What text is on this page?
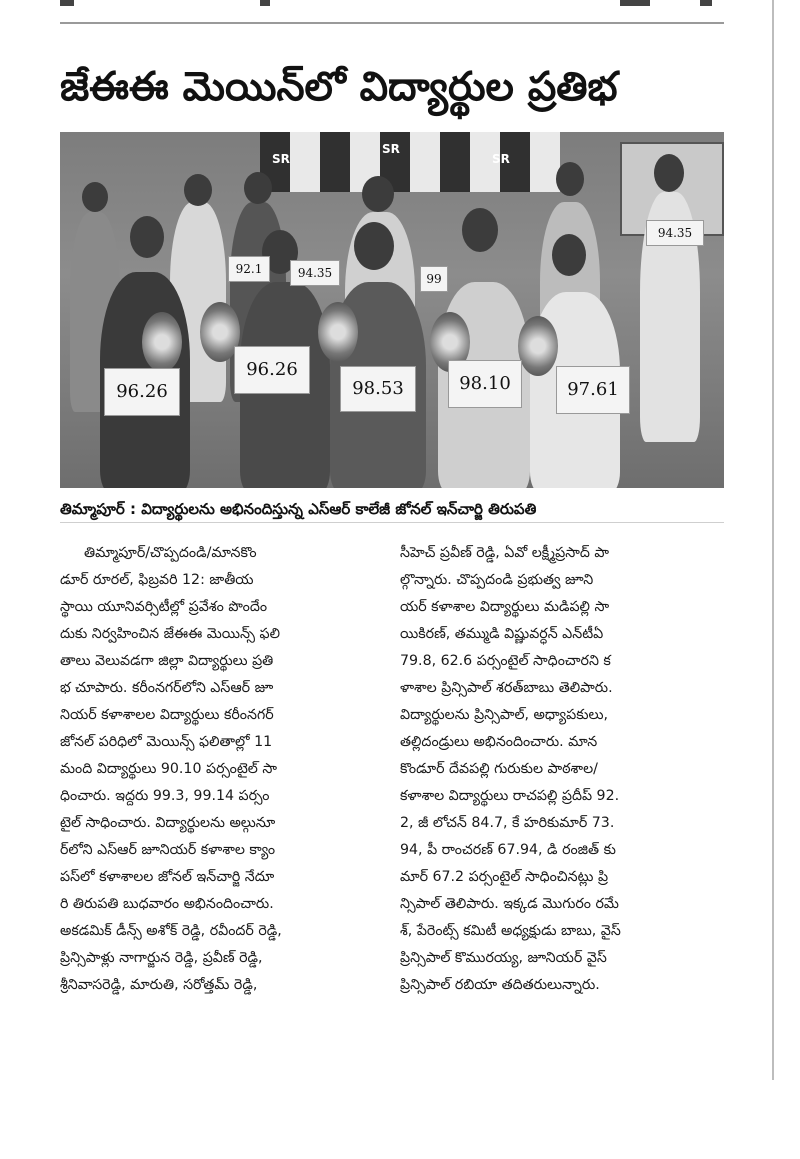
జేఈఈ మెయిన్‌లో విద్యార్థుల ప్రతిభ
SR
SR
SR
96.26
96.26
98.53	98.10	97.61
94.35
92.1	94.35	99
తిమ్మాపూర్‌ : విద్యార్థులను అభినందిస్తున్న ఎస్‌ఆర్‌ కాలేజీ జోనల్‌ ఇన్‌చార్జి తిరుపతి

తిమ్మాపూర్‌/చొప్పదండి/మానకొం

డూర్‌ రూరల్‌, ఫిబ్రవరి 12: జాతీయ

స్థాయి యూనివర్సిటీల్లో ప్రవేశం పొందేం

దుకు నిర్వహించిన జేఈఈ మెయిన్స్‌ ఫలి

తాలు వెలువడగా జిల్లా విద్యార్థులు ప్రతి

భ చూపారు. కరీంనగర్‌లోని ఎస్‌ఆర్‌ జూ

నియర్‌ కళాశాలల విద్యార్థులు కరీంనగర్‌

జోనల్‌ పరిధిలో మెయిన్స్‌ ఫలితాల్లో 11

మంది విద్యార్థులు 90.10 పర్సంటైల్‌ సా

ధించారు. ఇద్దరు 99.3, 99.14 పర్సం

టైల్‌ సాధించారు. విద్యార్థులను అల్గునూ

ర్‌లోని ఎస్‌ఆర్‌ జూనియర్‌ కళాశాల క్యాం

పస్‌లో కళాశాలల జోనల్‌ ఇన్‌చార్జి నేదూ

రి తిరుపతి బుధవారం అభినందించారు.

అకడమిక్‌ డీన్స్‌ అశోక్‌ రెడ్డి, రవీందర్‌ రెడ్డి,

ప్రిన్సిపాళ్లు నాగార్జున రెడ్డి, ప్రవీణ్‌ రెడ్డి,

శ్రీనివాసరెడ్డి, మారుతి, సరోత్తమ్‌ రెడ్డి,

సీహెచ్‌ ప్రవీణ్‌ రెడ్డి, ఏవో లక్ష్మీప్రసాద్‌ పా

ల్గొన్నారు. చొప్పదండి ప్రభుత్వ జూని

యర్‌ కళాశాల విద్యార్థులు మడిపల్లి సా

యికిరణ్‌, తమ్ముడి విష్ణువర్ధన్‌ ఎన్‌టీఏ

79.8, 62.6 పర్సంటైల్‌ సాధించారని క

ళాశాల ప్రిన్సిపాల్‌ శరత్‌బాబు తెలిపారు.

విద్యార్థులను ప్రిన్సిపాల్‌, అధ్యాపకులు,

తల్లిదండ్రులు అభినందించారు. మాన

కొండూర్‌ దేవపల్లి గురుకుల పాఠశాల/

కళాశాల విద్యార్థులు రాచపల్లి ప్రదీప్‌ 92.

2, జీ లోచన్‌ 84.7, కే హరికుమార్‌ 73.

94, పీ రాంచరణ్‌ 67.94, డి రంజిత్‌ కు

మార్‌ 67.2 పర్సంటైల్‌ సాధించినట్లు ప్రి

న్సిపాల్‌ తెలిపారు. ఇక్కడ మొగురం రమే

శ్‌, పేరెంట్స్‌ కమిటీ అధ్యక్షుడు బాబు, వైస్‌

ప్రిన్సిపాల్‌ కొమురయ్య, జూనియర్‌ వైస్‌

ప్రిన్సిపాల్‌ రబియా తదితరులున్నారు.
